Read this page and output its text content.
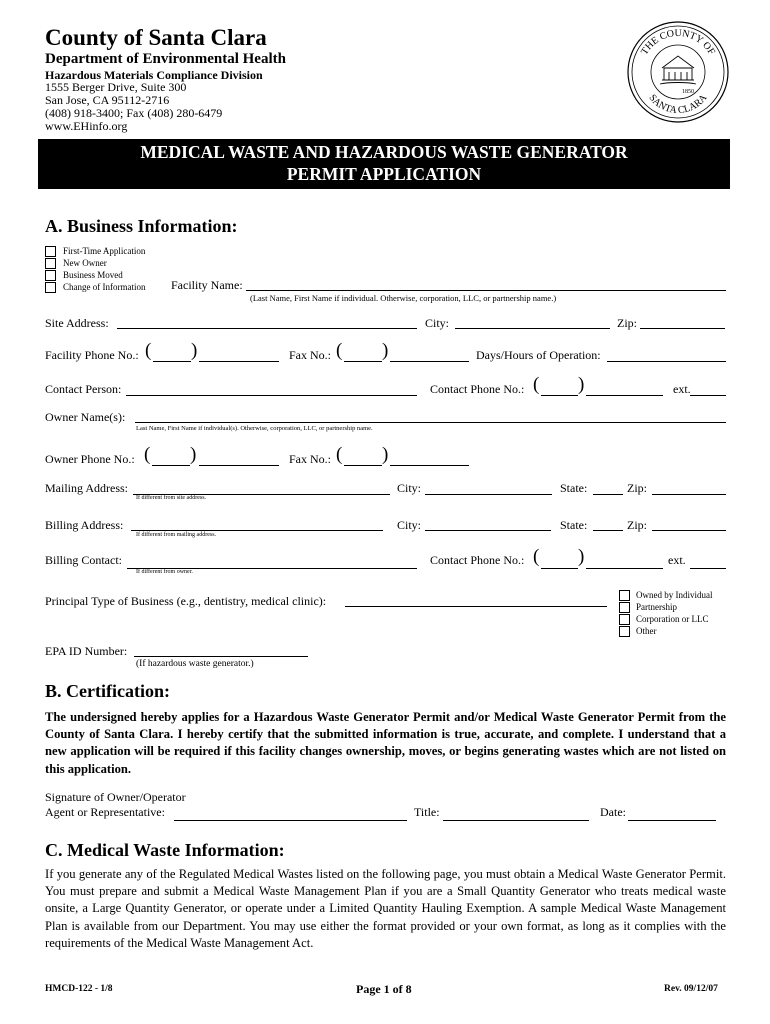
County of Santa Clara
Department of Environmental Health
Hazardous Materials Compliance Division
1555 Berger Drive, Suite 300
San Jose, CA 95112-2716
(408) 918-3400; Fax (408) 280-6479
www.EHinfo.org
THE COUNTY OF
SANTA CLARA
1850
MEDICAL WASTE AND HAZARDOUS WASTE GENERATOR
PERMIT APPLICATION
A. Business Information:
First-Time Application
New Owner
Business Moved
Change of Information Facility Name:
(Last Name, First Name if individual. Otherwise, corporation, LLC, or partnership name.)
Site Address:	City:	Zip:
Facility Phone No.: ( )	Fax No.: ( )	Days/Hours of Operation:
Contact Person:	Contact Phone No.: ( )	ext.
Owner Name(s):
Last Name, First Name if individual(s). Otherwise, corporation, LLC, or partnership name.
Owner Phone No.: ( )	Fax No.: ( )
Mailing Address:
If different from site address.
City:	State:	Zip:
Billing Address:
If different from mailing address.
City:	State:	Zip:
Billing Contact:
If different from owner.
Contact Phone No.: ( )	ext.
Principal Type of Business (e.g., dentistry, medical clinic):	Owned by Individual
Partnership
Corporation or LLC
Other
EPA ID Number:
(If hazardous waste generator.)
B. Certification:
The undersigned hereby applies for a Hazardous Waste Generator Permit and/or Medical Waste Generator Permit from the County of Santa Clara. I hereby certify that the submitted information is true, accurate, and complete. I understand that a new application will be required if this facility changes ownership, moves, or begins generating wastes which are not listed on this application.
Signature of Owner/Operator
Agent or Representative:	Title:	Date:
C. Medical Waste Information:
If you generate any of the Regulated Medical Wastes listed on the following page, you must obtain a Medical Waste Generator Permit. You must prepare and submit a Medical Waste Management Plan if you are a Small Quantity Generator who treats medical waste onsite, a Large Quantity Generator, or operate under a Limited Quantity Hauling Exemption. A sample Medical Waste Management Plan is available from our Department. You may use either the format provided or your own format, as long as it complies with the requirements of the Medical Waste Management Act.
HMCD-122 - 1/8	Page 1 of 8	Rev. 09/12/07
